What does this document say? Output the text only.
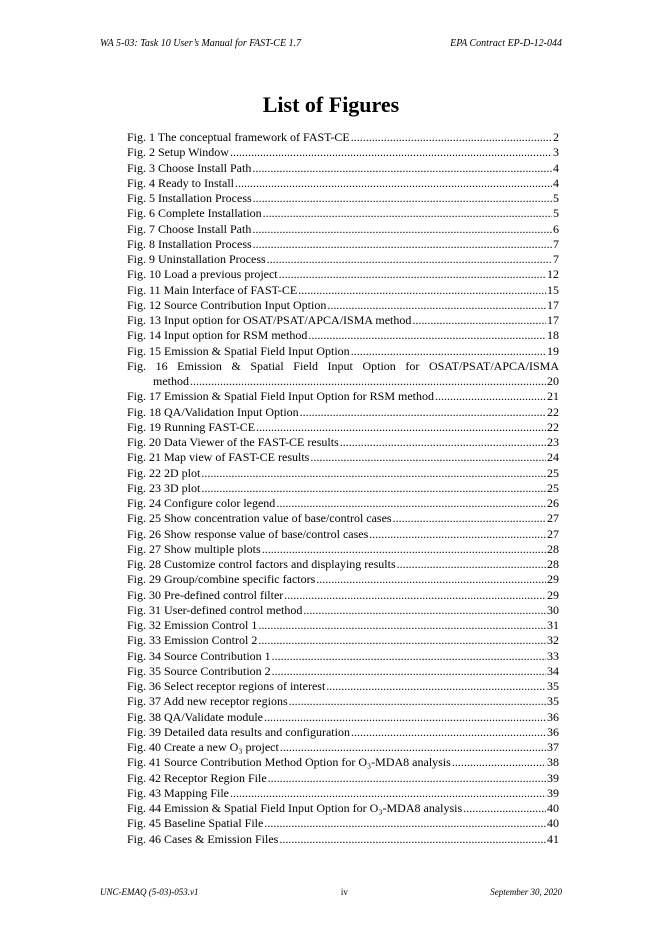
WA 5-03: Task 10 User’s Manual for FAST-CE 1.7	EPA Contract EP-D-12-044
List of Figures
Fig. 1 The conceptual framework of FAST-CE .....	2
Fig. 2 Setup Window .....	3
Fig. 3 Choose Install Path .....	4
Fig. 4 Ready to Install .....	4
Fig. 5 Installation Process .....	5
Fig. 6 Complete Installation .....	5
Fig. 7 Choose Install Path .....	6
Fig. 8 Installation Process .....	7
Fig. 9 Uninstallation Process .....	7
Fig. 10 Load a previous project .....	12
Fig. 11 Main Interface of FAST-CE .....	15
Fig. 12 Source Contribution Input Option .....	17
Fig. 13 Input option for OSAT/PSAT/APCA/ISMA method .....	17
Fig. 14 Input option for RSM method .....	18
Fig. 15 Emission & Spatial Field Input Option .....	19
Fig. 16 Emission & Spatial Field Input Option for OSAT/PSAT/APCA/ISMA
method .....	20
Fig. 17 Emission & Spatial Field Input Option for RSM method .....	21
Fig. 18 QA/Validation Input Option .....	22
Fig. 19 Running FAST-CE .....	22
Fig. 20 Data Viewer of the FAST-CE results .....	23
Fig. 21 Map view of FAST-CE results .....	24
Fig. 22 2D plot .....	25
Fig. 23 3D plot .....	25
Fig. 24 Configure color legend .....	26
Fig. 25 Show concentration value of base/control cases .....	27
Fig. 26 Show response value of base/control cases .....	27
Fig. 27 Show multiple plots .....	28
Fig. 28 Customize control factors and displaying results .....	28
Fig. 29 Group/combine specific factors .....	29
Fig. 30 Pre-defined control filter .....	29
Fig. 31 User-defined control method .....	30
Fig. 32 Emission Control 1 .....	31
Fig. 33 Emission Control 2 .....	32
Fig. 34 Source Contribution 1 .....	33
Fig. 35 Source Contribution 2 .....	34
Fig. 36 Select receptor regions of interest .....	35
Fig. 37 Add new receptor regions .....	35
Fig. 38 QA/Validate module .....	36
Fig. 39 Detailed data results and configuration .....	36
Fig. 40 Create a new O₃ project .....	37
Fig. 41 Source Contribution Method Option for O₃-MDA8 analysis .....	38
Fig. 42 Receptor Region File .....	39
Fig. 43 Mapping File .....	39
Fig. 44 Emission & Spatial Field Input Option for O₃-MDA8 analysis .....	40
Fig. 45 Baseline Spatial File .....	40
Fig. 46 Cases & Emission Files .....	41
UNC-EMAQ (5-03)-053.v1	iv	September 30, 2020
